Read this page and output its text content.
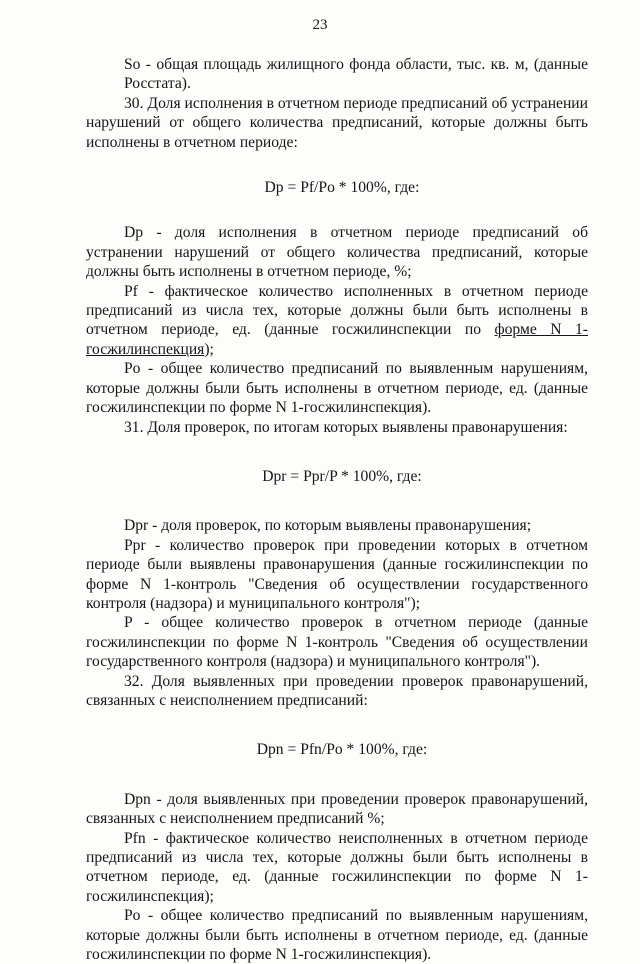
23

So - общая площадь жилищного фонда области, тыс. кв. м, (данные Росстата).

30. Доля исполнения в отчетном периоде предписаний об устранении нарушений от общего количества предписаний, которые должны быть исполнены в отчетном периоде:

Dp = Pf/Po * 100%, где:

Dp - доля исполнения в отчетном периоде предписаний об устранении нарушений от общего количества предписаний, которые должны быть исполнены в отчетном периоде, %;

Pf - фактическое количество исполненных в отчетном периоде предписаний из числа тех, которые должны были быть исполнены в отчетном периоде, ед. (данные госжилинспекции по форме N 1-госжилинспекция);

Po - общее количество предписаний по выявленным нарушениям, которые должны были быть исполнены в отчетном периоде, ед. (данные госжилинспекции по форме N 1-госжилинспекция).

31. Доля проверок, по итогам которых выявлены правонарушения:

Dpr = Ppr/P * 100%, где:

Dpr - доля проверок, по которым выявлены правонарушения;

Ppr - количество проверок при проведении которых в отчетном периоде были выявлены правонарушения (данные госжилинспекции по форме N 1-контроль "Сведения об осуществлении государственного контроля (надзора) и муниципального контроля");

P - общее количество проверок в отчетном периоде (данные госжилинспекции по форме N 1-контроль "Сведения об осуществлении государственного контроля (надзора) и муниципального контроля").

32. Доля выявленных при проведении проверок правонарушений, связанных с неисполнением предписаний:

Dpn = Pfn/Po * 100%, где:

Dpn - доля выявленных при проведении проверок правонарушений, связанных с неисполнением предписаний %;

Pfn - фактическое количество неисполненных в отчетном периоде предписаний из числа тех, которые должны были быть исполнены в отчетном периоде, ед. (данные госжилинспекции по форме N 1-госжилинспекция);

Po - общее количество предписаний по выявленным нарушениям, которые должны были быть исполнены в отчетном периоде, ед. (данные госжилинспекции по форме N 1-госжилинспекция).
